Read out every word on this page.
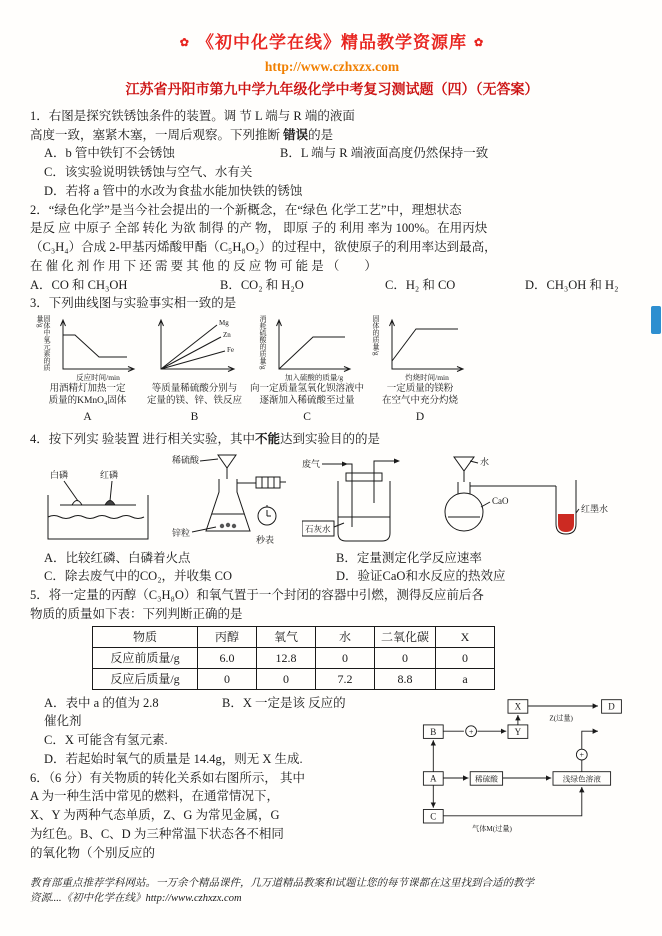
✿ 《初中化学在线》精品教学资源库 ✿
http://www.czhxzx.com
江苏省丹阳市第九中学九年级化学中考复习测试题（四）（无答案）

1．右图是探究铁锈蚀条件的装置。调 节 L 端与 R 端的液面

高度一致，塞紧木塞，一周后观察。下列推断 错误的是

A．b 管中铁钉不会锈蚀	B．L 端与 R 端液面高度仍然保持一致

C．该实验说明铁锈蚀与空气、水有关

D．若将 a 管中的水改为食盐水能加快铁的锈蚀

2．“绿色化学”是当今社会提出的一个新概念，在“绿色 化学工艺”中，理想状态

是反 应 中原子 全部 转化 为欲 制得 的产 物， 即原 子的 利用 率为 100%。在用丙炔

（C₃H₄）合成 2-甲基丙烯酸甲酯（C₅H₈O₂）的过程中，欲使原子的利用率达到最高，

在 催 化 剂 作 用 下 还 需 要 其 他 的 反 应 物 可 能 是 （　　）

A．CO 和 CH₃OH	B．CO₂ 和 H₂O	C．H₂ 和 CO	D．CH₃OH 和 H₂

3．下列曲线图与实验事实相一致的是

固体中氧元素的质量/g
反应时间/min
用酒精灯加热一定
质量的KMnO₄固体
A
Mg
Zn
Fe
等质量稀硫酸分别与
定量的镁、锌、铁反应
B
消耗硫酸的质量/g
加入硫酸的质量/g
向一定质量氢氧化钡溶液中
逐渐加入稀硫酸至过量
C
固体的质量/g
灼烧时间/min
一定质量的镁粉
在空气中充分灼烧
D

4．按下列实 验装置 进行相关实验，其中不能达到实验目的的是

白磷	红磷
稀硫酸
锌粒
秒表
废气
石灰水
水
CaO
红墨水
A．比较红磷、白磷着火点	B．定量测定化学反应速率
C．除去废气中的CO₂，并收集 CO	D．验证CaO和水反应的热效应

5．将一定量的丙醇（C₃H₈O）和氧气置于一个封闭的容器中引燃，测得反应前后各

物质的质量如下表：下列判断正确的是

物质	丙醇	氧气	水	二氧化碳	X
反应前质量/g	6.0	12.8	0	0	0
反应后质量/g	0	0	7.2	8.8	a
A．表中 a 的值为 2.8	B．X 一定是该 反应的

催化剂

C．X 可能含有氢元素.

D．若起始时氧气的质量是 14.4g，则无 X 生成.

6．（6 分）有关物质的转化关系如右图所示， 其中

A 为一种生活中常见的燃料，在通常情况下，

X、Y 为两种气态单质，Z、G 为常见金属，G

为红色。B、C、D 为三种常温下状态各不相同

的氧化物（个别反应的

X	D
Z(过量)
B	+	Y
A	稀硫酸	浅绿色溶液
+
C
气体M(过量)
教育部重点推荐学科网站。一万余个精品课件，几万道精品教案和试题让您的每节课都在这里找到合适的教学
资源....《初中化学在线》http://www.czhxzx.com
